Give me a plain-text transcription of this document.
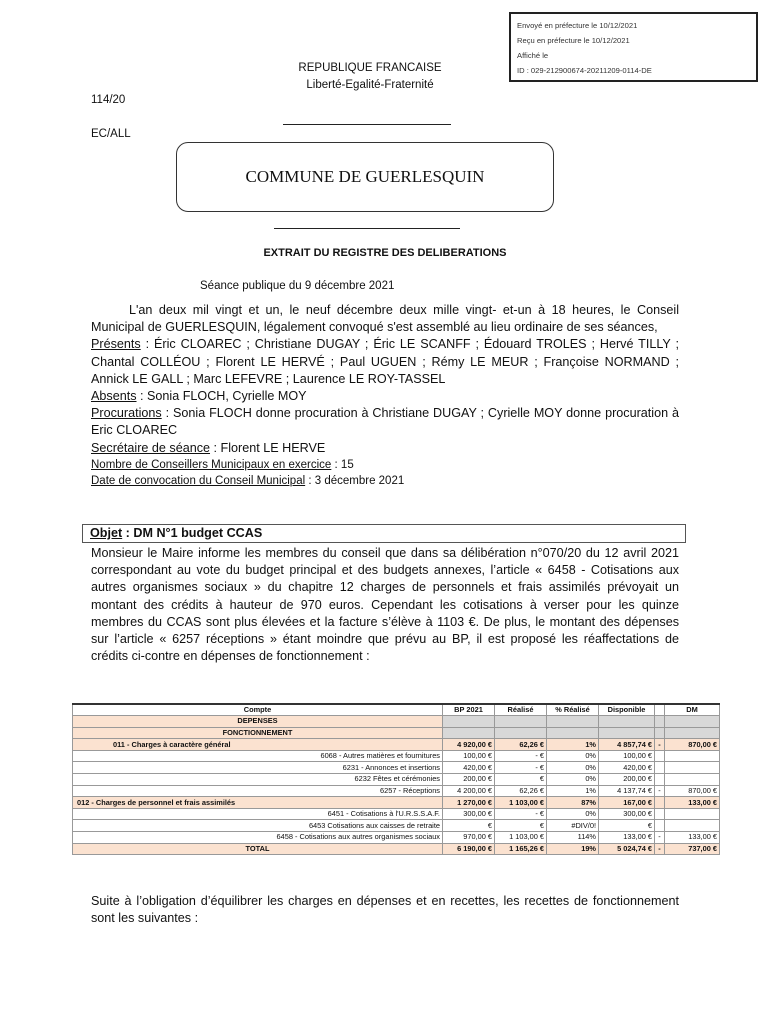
Envoyé en préfecture le 10/12/2021
Reçu en préfecture le 10/12/2021
Affiché le
ID : 029-212900674-20211209-0114-DE
REPUBLIQUE FRANCAISE
Liberté-Egalité-Fraternité
114/20
EC/ALL
COMMUNE DE GUERLESQUIN
EXTRAIT DU REGISTRE DES DELIBERATIONS
Séance publique du 9 décembre 2021

L'an deux mil vingt et un, le neuf décembre deux mille vingt- et-un à 18 heures, le Conseil Municipal de GUERLESQUIN, légalement convoqué s'est assemblé au lieu ordinaire de ses séances,

Présents : Éric CLOAREC ; Christiane DUGAY ; Éric LE SCANFF ; Édouard TROLES ; Hervé TILLY ; Chantal COLLÉOU ; Florent LE HERVÉ ; Paul UGUEN ; Rémy LE MEUR ; Françoise NORMAND ; Annick LE GALL ; Marc LEFEVRE ; Laurence LE ROY-TASSEL

Absents : Sonia FLOCH, Cyrielle MOY

Procurations : Sonia FLOCH donne procuration à Christiane DUGAY ; Cyrielle MOY donne procuration à Eric CLOAREC

Secrétaire de séance : Florent LE HERVE

Nombre de Conseillers Municipaux en exercice : 15

Date de convocation du Conseil Municipal : 3 décembre 2021

Objet : DM N°1 budget CCAS
Monsieur le Maire informe les membres du conseil que dans sa délibération n°070/20 du 12 avril 2021 correspondant au vote du budget principal et des budgets annexes, l’article « 6458 - Cotisations aux autres organismes sociaux » du chapitre 12 charges de personnels et frais assimilés prévoyait un montant des crédits à hauteur de 970 euros. Cependant les cotisations à verser pour les quinze membres du CCAS sont plus élevées et la facture s’élève à 1103 €. De plus, le montant des dépenses sur l’article « 6257 réceptions » étant moindre que prévu au BP, il est proposé les réaffectations de crédits ci-contre en dépenses de fonctionnement :
Compte	BP 2021	Réalisé	% Réalisé	Disponible		DM
DEPENSES						
FONCTIONNEMENT						
011 - Charges à caractère général	4 920,00 €	62,26 €	1%	4 857,74 €	-	870,00 €
6068 - Autres matières et fournitures	100,00 €	- €	0%	100,00 €		
6231 - Annonces et insertions	420,00 €	- €	0%	420,00 €		
6232 Fêtes et cérémonies	200,00 €	€	0%	200,00 €		
6257 - Réceptions	4 200,00 €	62,26 €	1%	4 137,74 €	-	870,00 €
012 - Charges de personnel et frais assimilés	1 270,00 €	1 103,00 €	87%	167,00 €		133,00 €
6451 - Cotisations à l'U.R.S.S.A.F.	300,00 €	- €	0%	300,00 €		
6453 Cotisations aux caisses de retraite	€	€	#DIV/0!	€		
6458 - Cotisations aux autres organismes sociaux	970,00 €	1 103,00 €	114%	133,00 €	-	133,00 €
TOTAL	6 190,00 €	1 165,26 €	19%	5 024,74 €	-	737,00 €
Suite à l’obligation d’équilibrer les charges en dépenses et en recettes, les recettes de fonctionnement sont les suivantes :
